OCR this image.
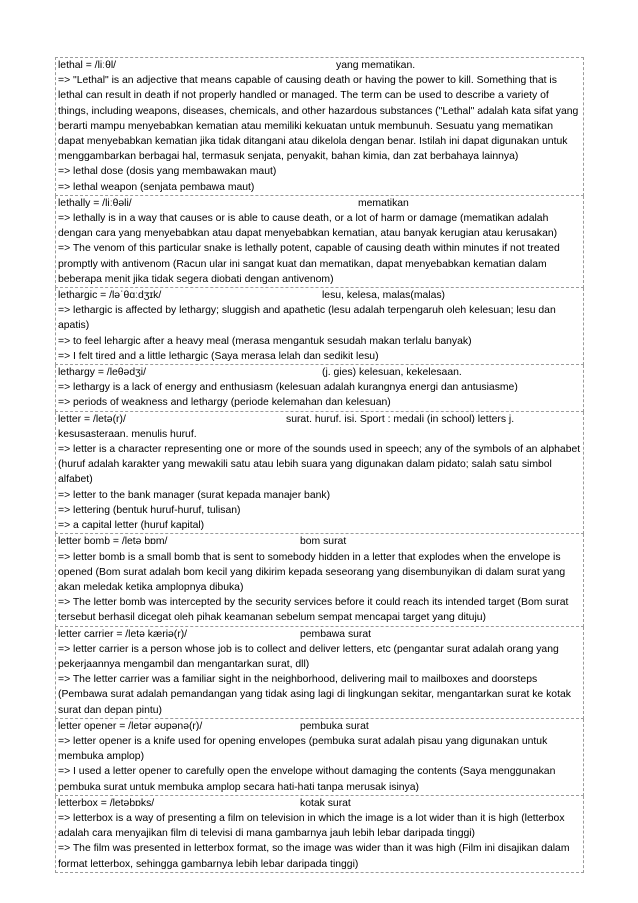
lethal = /liːθl/	yang mematikan.
=> "Lethal" is an adjective that means capable of causing death or having the power to kill. Something that is lethal can result in death if not properly handled or managed. The term can be used to describe a variety of things, including weapons, diseases, chemicals, and other hazardous substances ("Lethal" adalah kata sifat yang berarti mampu menyebabkan kematian atau memiliki kekuatan untuk membunuh. Sesuatu yang mematikan dapat menyebabkan kematian jika tidak ditangani atau dikelola dengan benar. Istilah ini dapat digunakan untuk menggambarkan berbagai hal, termasuk senjata, penyakit, bahan kimia, dan zat berbahaya lainnya)
=> lethal dose (dosis yang membawakan maut)
=> lethal weapon (senjata pembawa maut)
lethally = /liːθəli/	mematikan
=> lethally is in a way that causes or is able to cause death, or a lot of harm or damage (mematikan adalah dengan cara yang menyebabkan atau dapat menyebabkan kematian, atau banyak kerugian atau kerusakan)
=> The venom of this particular snake is lethally potent, capable of causing death within minutes if not treated promptly with antivenom (Racun ular ini sangat kuat dan mematikan, dapat menyebabkan kematian dalam beberapa menit jika tidak segera diobati dengan antivenom)
lethargic = /ləˈθɑːdʒɪk/	lesu, kelesa, malas(malas)
=> lethargic is affected by lethargy; sluggish and apathetic (lesu adalah terpengaruh oleh kelesuan; lesu dan apatis)
=> to feel lehargic after a heavy meal (merasa mengantuk sesudah makan terlalu banyak)
=> I felt tired and a little lethargic (Saya merasa lelah dan sedikit lesu)
lethargy = /leθədʒi/	(j. gies) kelesuan, kekelesaan.
=> lethargy is a lack of energy and enthusiasm (kelesuan adalah kurangnya energi dan antusiasme)
=> periods of weakness and lethargy (periode kelemahan dan kelesuan)
letter = /letə(r)/	surat. huruf. isi. Sport : medali (in school) letters j.
kesusasteraan. menulis huruf.
=> letter is a character representing one or more of the sounds used in speech; any of the symbols of an alphabet (huruf adalah karakter yang mewakili satu atau lebih suara yang digunakan dalam pidato; salah satu simbol alfabet)
=> letter to the bank manager (surat kepada manajer bank)
=> lettering (bentuk huruf-huruf, tulisan)
=> a capital letter (huruf kapital)
letter bomb = /letə bɒm/	bom surat
=> letter bomb is a small bomb that is sent to somebody hidden in a letter that explodes when the envelope is opened (Bom surat adalah bom kecil yang dikirim kepada seseorang yang disembunyikan di dalam surat yang akan meledak ketika amplopnya dibuka)
=> The letter bomb was intercepted by the security services before it could reach its intended target (Bom surat tersebut berhasil dicegat oleh pihak keamanan sebelum sempat mencapai target yang dituju)
letter carrier = /letə kæriə(r)/	pembawa surat
=> letter carrier is a person whose job is to collect and deliver letters, etc (pengantar surat adalah orang yang pekerjaannya mengambil dan mengantarkan surat, dll)
=> The letter carrier was a familiar sight in the neighborhood, delivering mail to mailboxes and doorsteps (Pembawa surat adalah pemandangan yang tidak asing lagi di lingkungan sekitar, mengantarkan surat ke kotak surat dan depan pintu)
letter opener = /letər əʊpənə(r)/	pembuka surat
=> letter opener is a knife used for opening envelopes (pembuka surat adalah pisau yang digunakan untuk membuka amplop)
=> I used a letter opener to carefully open the envelope without damaging the contents (Saya menggunakan pembuka surat untuk membuka amplop secara hati-hati tanpa merusak isinya)
letterbox = /letəbɒks/	kotak surat
=> letterbox is a way of presenting a film on television in which the image is a lot wider than it is high (letterbox adalah cara menyajikan film di televisi di mana gambarnya jauh lebih lebar daripada tinggi)
=> The film was presented in letterbox format, so the image was wider than it was high (Film ini disajikan dalam format letterbox, sehingga gambarnya lebih lebar daripada tinggi)
